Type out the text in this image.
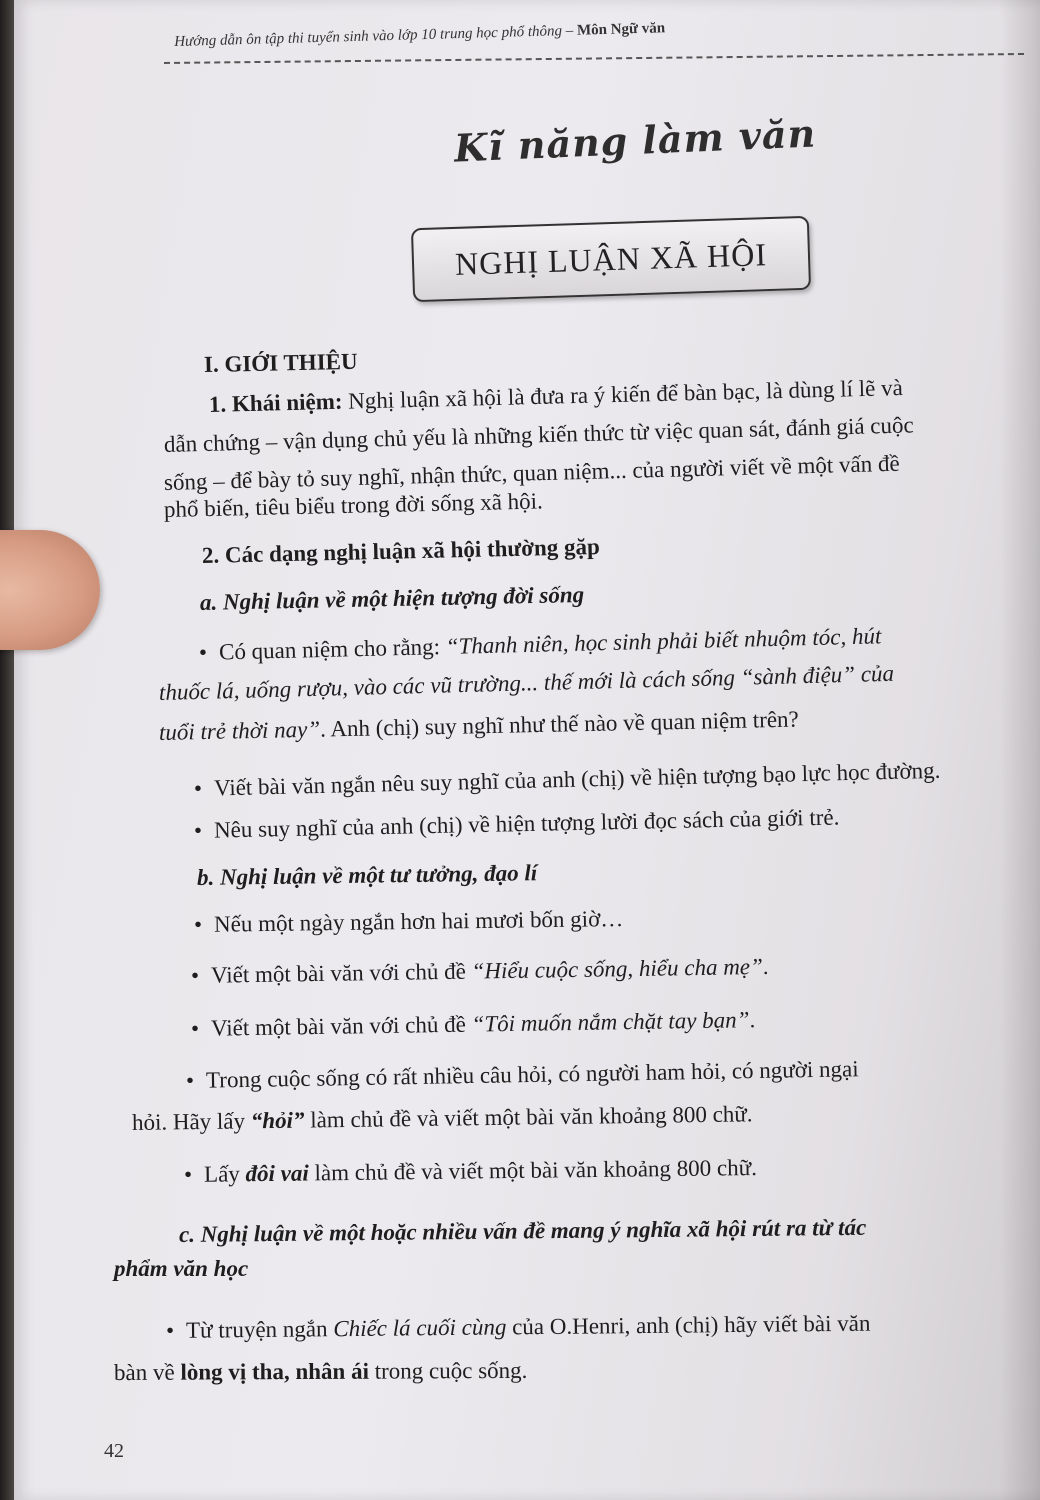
Hướng dẫn ôn tập thi tuyển sinh vào lớp 10 trung học phổ thông – Môn Ngữ văn
Kĩ năng làm văn
NGHỊ LUẬN XÃ HỘI
I. GIỚI THIỆU
1. Khái niệm: Nghị luận xã hội là đưa ra ý kiến để bàn bạc, là dùng lí lẽ và
dẫn chứng – vận dụng chủ yếu là những kiến thức từ việc quan sát, đánh giá cuộc
sống – để bày tỏ suy nghĩ, nhận thức, quan niệm... của người viết về một vấn đề
phổ biến, tiêu biểu trong đời sống xã hội.
2. Các dạng nghị luận xã hội thường gặp
a. Nghị luận về một hiện tượng đời sống
• Có quan niệm cho rằng: “Thanh niên, học sinh phải biết nhuộm tóc, hút
thuốc lá, uống rượu, vào các vũ trường... thế mới là cách sống “sành điệu” của
tuổi trẻ thời nay”. Anh (chị) suy nghĩ như thế nào về quan niệm trên?
• Viết bài văn ngắn nêu suy nghĩ của anh (chị) về hiện tượng bạo lực học đường.
• Nêu suy nghĩ của anh (chị) về hiện tượng lười đọc sách của giới trẻ.
b. Nghị luận về một tư tưởng, đạo lí
• Nếu một ngày ngắn hơn hai mươi bốn giờ…
• Viết một bài văn với chủ đề “Hiểu cuộc sống, hiểu cha mẹ”.
• Viết một bài văn với chủ đề “Tôi muốn nắm chặt tay bạn”.
• Trong cuộc sống có rất nhiều câu hỏi, có người ham hỏi, có người ngại
hỏi. Hãy lấy “hỏi” làm chủ đề và viết một bài văn khoảng 800 chữ.
• Lấy đôi vai làm chủ đề và viết một bài văn khoảng 800 chữ.
c. Nghị luận về một hoặc nhiều vấn đề mang ý nghĩa xã hội rút ra từ tác
phẩm văn học
• Từ truyện ngắn Chiếc lá cuối cùng của O.Henri, anh (chị) hãy viết bài văn
bàn về lòng vị tha, nhân ái trong cuộc sống.
42
